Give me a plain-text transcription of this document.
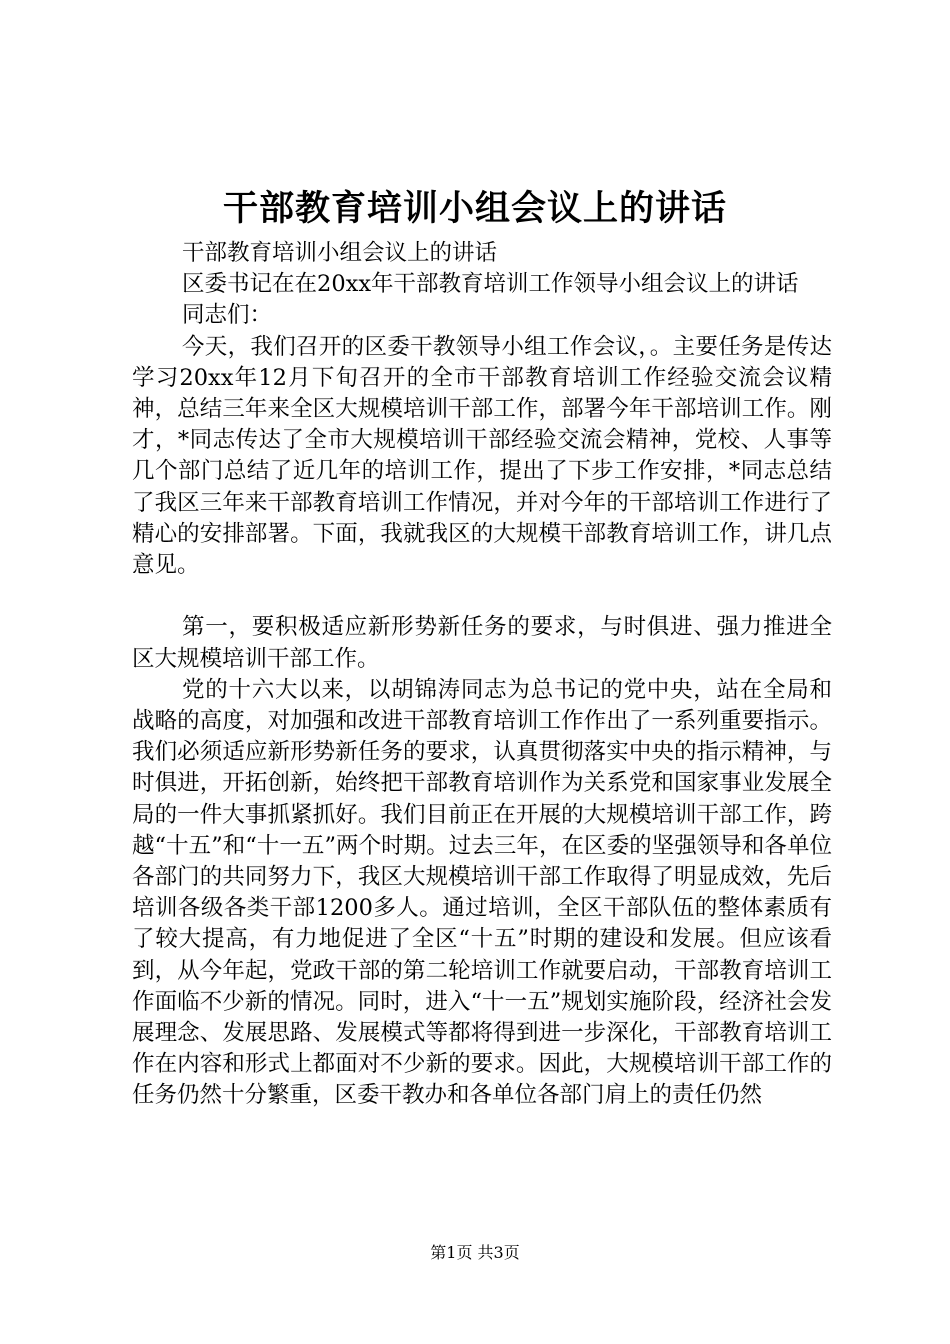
干部教育培训小组会议上的讲话

干部教育培训小组会议上的讲话

区委书记在在20xx年干部教育培训工作领导小组会议上的讲话

同志们：

今天，我们召开的区委干教领导小组工作会议，。主要任务是传达学习20xx年12月下旬召开的全市干部教育培训工作经验交流会议精神，总结三年来全区大规模培训干部工作，部署今年干部培训工作。刚才，*同志传达了全市大规模培训干部经验交流会精神，党校、人事等几个部门总结了近几年的培训工作，提出了下步工作安排，*同志总结了我区三年来干部教育培训工作情况，并对今年的干部培训工作进行了精心的安排部署。下面，我就我区的大规模干部教育培训工作，讲几点意见。

第一，要积极适应新形势新任务的要求，与时俱进、强力推进全区大规模培训干部工作。

党的十六大以来，以胡锦涛同志为总书记的党中央，站在全局和战略的高度，对加强和改进干部教育培训工作作出了一系列重要指示。我们必须适应新形势新任务的要求，认真贯彻落实中央的指示精神，与时俱进，开拓创新，始终把干部教育培训作为关系党和国家事业发展全局的一件大事抓紧抓好。我们目前正在开展的大规模培训干部工作，跨越“十五”和“十一五”两个时期。过去三年，在区委的坚强领导和各单位各部门的共同努力下，我区大规模培训干部工作取得了明显成效，先后培训各级各类干部1200多人。通过培训，全区干部队伍的整体素质有了较大提高，有力地促进了全区“十五”时期的建设和发展。但应该看到，从今年起，党政干部的第二轮培训工作就要启动，干部教育培训工作面临不少新的情况。同时，进入“十一五”规划实施阶段，经济社会发展理念、发展思路、发展模式等都将得到进一步深化，干部教育培训工作在内容和形式上都面对不少新的要求。因此，大规模培训干部工作的任务仍然十分繁重，区委干教办和各单位各部门肩上的责任仍然

第1页 共3页
